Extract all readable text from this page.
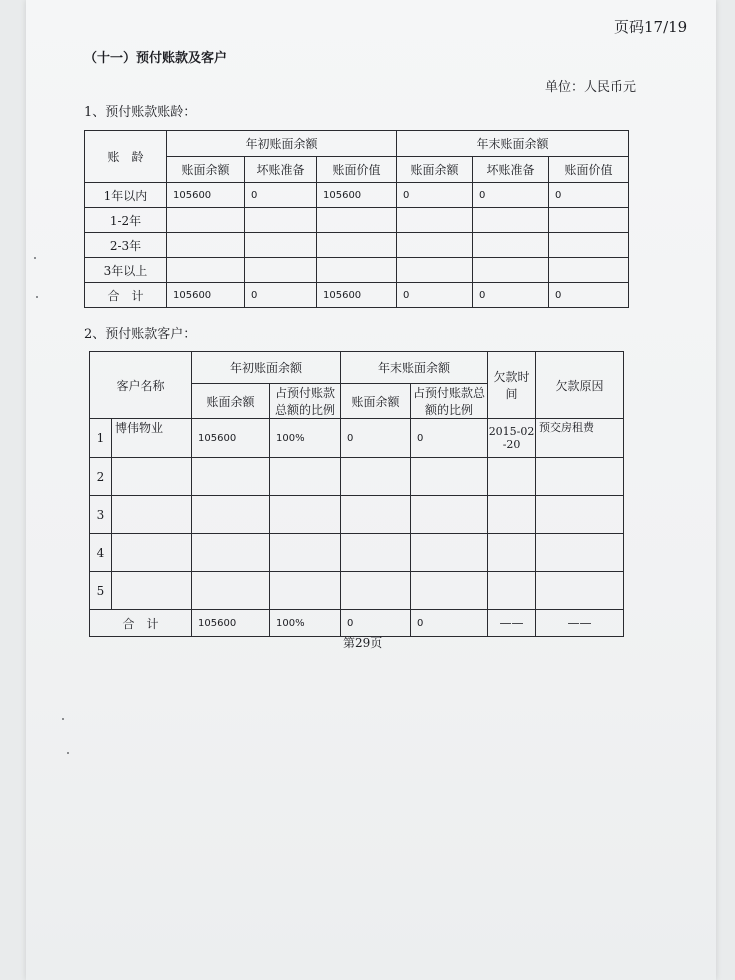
页码17/19
（十一）预付账款及客户
单位：人民币元
1、预付账款账龄：
账　龄	年初账面余额			年末账面余额		
	账面余额	坏账准备	账面价值	账面余额	坏账准备	账面价值
1年以内	105600	0	105600	0	0	0
1-2年						
2-3年						
3年以上						
合　计	105600	0	105600	0	0	0
2、预付账款客户：
客户名称		年初账面余额		年末账面余额		欠款时间	欠款原因
		账面余额	占预付账款总额的比例	账面余额	占预付账款总额的比例		
1	博伟物业	105600	100%	0	0	2015-02-20	预交房租费
2							
3							
4							
5							
合　计		105600	100%	0	0	——	——
第29页
